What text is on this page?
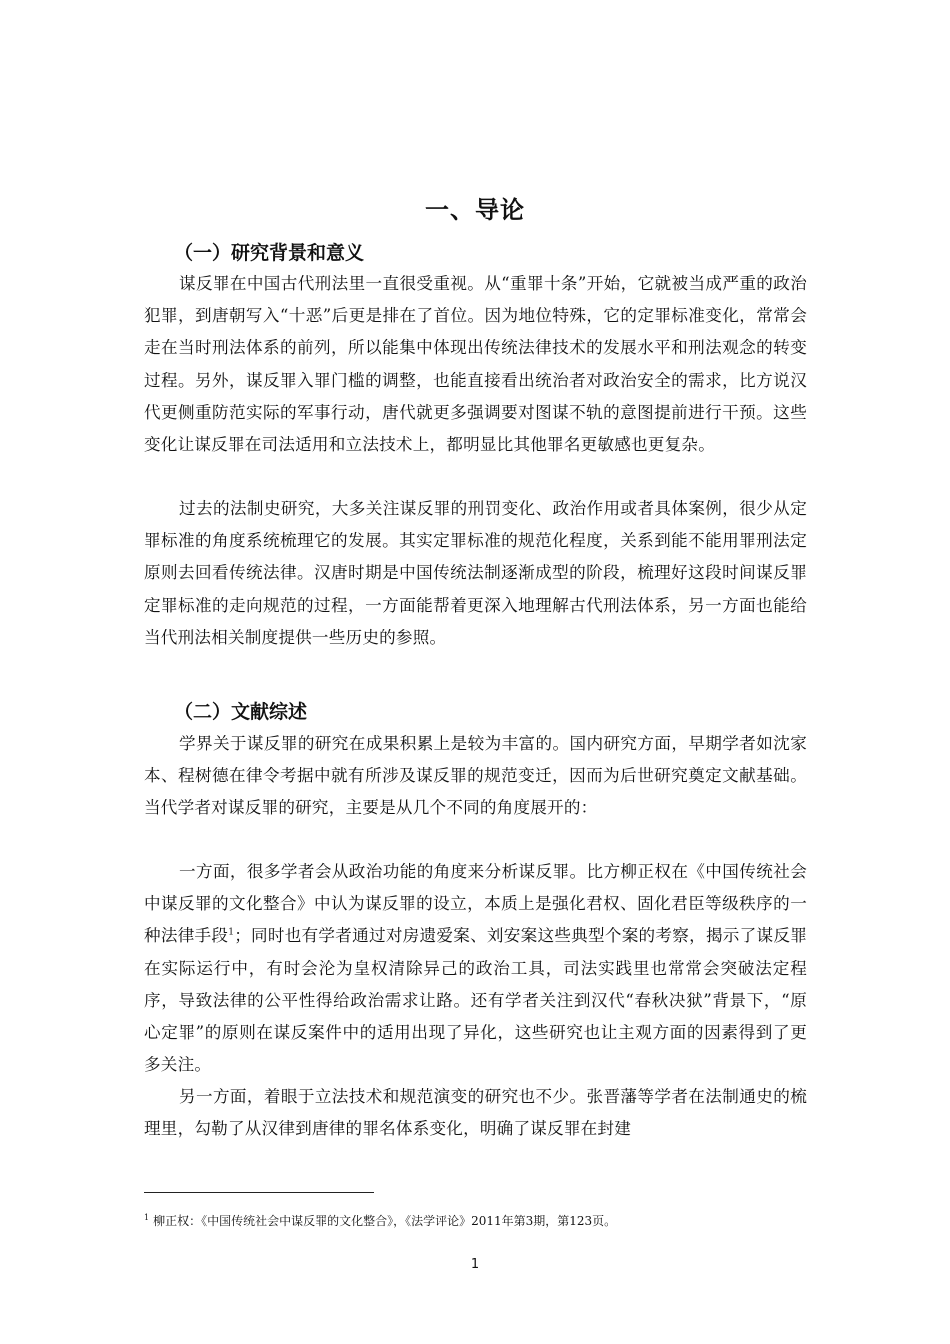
一、导论
（一）研究背景和意义

谋反罪在中国古代刑法里一直很受重视。从“重罪十条”开始，它就被当成严重的政治犯罪，到唐朝写入“十恶”后更是排在了首位。因为地位特殊，它的定罪标准变化，常常会走在当时刑法体系的前列，所以能集中体现出传统法律技术的发展水平和刑法观念的转变过程。另外，谋反罪入罪门槛的调整，也能直接看出统治者对政治安全的需求，比方说汉代更侧重防范实际的军事行动，唐代就更多强调要对图谋不轨的意图提前进行干预。这些变化让谋反罪在司法适用和立法技术上，都明显比其他罪名更敏感也更复杂。

过去的法制史研究，大多关注谋反罪的刑罚变化、政治作用或者具体案例，很少从定罪标准的角度系统梳理它的发展。其实定罪标准的规范化程度，关系到能不能用罪刑法定原则去回看传统法律。汉唐时期是中国传统法制逐渐成型的阶段，梳理好这段时间谋反罪定罪标准的走向规范的过程，一方面能帮着更深入地理解古代刑法体系，另一方面也能给当代刑法相关制度提供一些历史的参照。

（二）文献综述

学界关于谋反罪的研究在成果积累上是较为丰富的。国内研究方面，早期学者如沈家本、程树德在律令考据中就有所涉及谋反罪的规范变迁，因而为后世研究奠定文献基础。当代学者对谋反罪的研究，主要是从几个不同的角度展开的：

一方面，很多学者会从政治功能的角度来分析谋反罪。比方柳正权在《中国传统社会中谋反罪的文化整合》中认为谋反罪的设立，本质上是强化君权、固化君臣等级秩序的一种法律手段$^1$；同时也有学者通过对房遗爱案、刘安案这些典型个案的考察，揭示了谋反罪在实际运行中，有时会沦为皇权清除异己的政治工具，司法实践里也常常会突破法定程序，导致法律的公平性得给政治需求让路。还有学者关注到汉代“春秋决狱”背景下，“原心定罪”的原则在谋反案件中的适用出现了异化，这些研究也让主观方面的因素得到了更多关注。

另一方面，着眼于立法技术和规范演变的研究也不少。张晋藩等学者在法制通史的梳理里，勾勒了从汉律到唐律的罪名体系变化，明确了谋反罪在封建

$^1$ 柳正权：《中国传统社会中谋反罪的文化整合》，《法学评论》2011年第3期，第123页。
1
